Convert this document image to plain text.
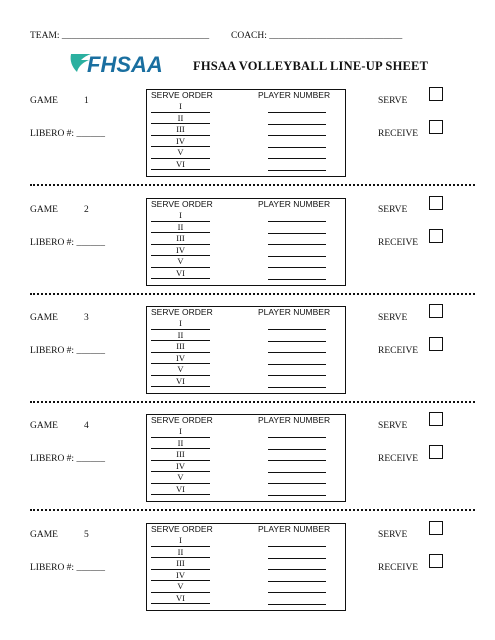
TEAM: _______________________________ COACH: ____________________________
FHSAA FHSAA VOLLEYBALL LINE-UP SHEET
GAME	1
LIBERO #: ______
SERVE ORDER	PLAYER NUMBER
I
II
III
IV
V
VI
SERVE
RECEIVE
GAME	2
LIBERO #: ______
SERVE ORDER	PLAYER NUMBER
I
II
III
IV
V
VI
SERVE
RECEIVE
GAME	3
LIBERO #: ______
SERVE ORDER	PLAYER NUMBER
I
II
III
IV
V
VI
SERVE
RECEIVE
GAME	4
LIBERO #: ______
SERVE ORDER	PLAYER NUMBER
I
II
III
IV
V
VI
SERVE
RECEIVE
GAME	5
LIBERO #: ______
SERVE ORDER	PLAYER NUMBER
I
II
III
IV
V
VI
SERVE
RECEIVE
